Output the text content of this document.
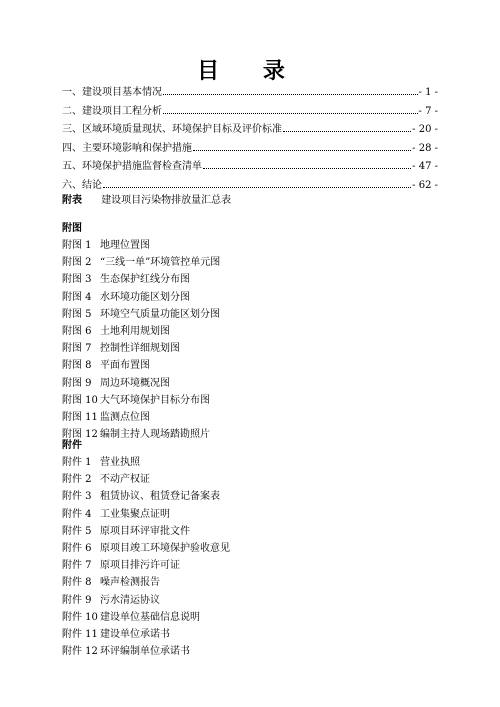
目 录
一、建设项目基本情况	- 1 -
二、建设项目工程分析	- 7 -
三、区域环境质量现状、环境保护目标及评价标准	- 20 -
四、主要环境影响和保护措施	- 28 -
五、环境保护措施监督检查清单	- 47 -
六、结论	- 62 -
附表 建设项目污染物排放量汇总表
附图
附图 1 地理位置图
附图 2 “三线一单”环境管控单元图
附图 3 生态保护红线分布图
附图 4 水环境功能区划分图
附图 5 环境空气质量功能区划分图
附图 6 土地利用规划图
附图 7 控制性详细规划图
附图 8 平面布置图
附图 9 周边环境概况图
附图 10 大气环境保护目标分布图
附图 11 监测点位图
附图 12 编制主持人现场踏勘照片
附件
附件 1 营业执照
附件 2 不动产权证
附件 3 租赁协议、租赁登记备案表
附件 4 工业集聚点证明
附件 5 原项目环评审批文件
附件 6 原项目竣工环境保护验收意见
附件 7 原项目排污许可证
附件 8 噪声检测报告
附件 9 污水清运协议
附件 10 建设单位基础信息说明
附件 11 建设单位承诺书
附件 12 环评编制单位承诺书
